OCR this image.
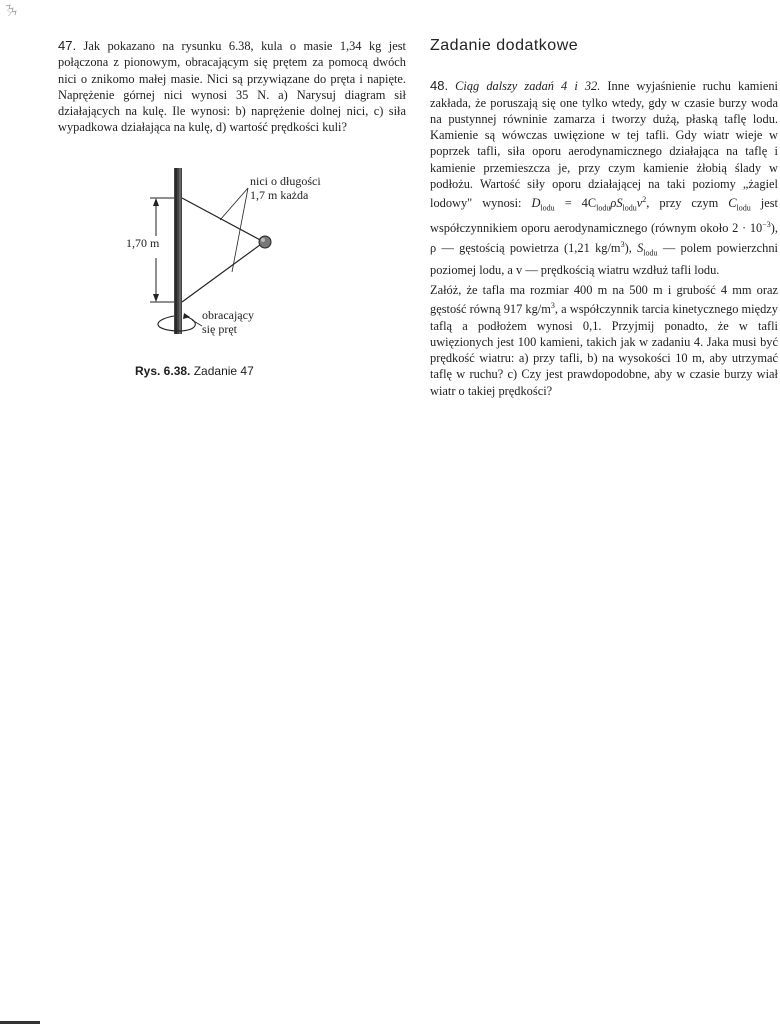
47. Jak pokazano na rysunku 6.38, kula o masie 1,34 kg jest połączona z pionowym, obracającym się prętem za pomocą dwóch nici o znikomo małej masie. Nici są przywiązane do pręta i napięte. Naprężenie górnej nici wynosi 35 N. a) Narysuj diagram sił działających na kulę. Ile wynosi: b) naprężenie dolnej nici, c) siła wypadkowa działająca na kulę, d) wartość prędkości kuli?

nici o długości
1,7 m każda
1,70 m
obracający
się pręt
Rys. 6.38. Zadanie 47
Zadanie dodatkowe

48. Ciąg dalszy zadań 4 i 32. Inne wyjaśnienie ruchu kamieni zakłada, że poruszają się one tylko wtedy, gdy w czasie burzy woda na pustynnej równinie zamarza i tworzy dużą, płaską taflę lodu. Kamienie są wówczas uwięzione w tej tafli. Gdy wiatr wieje w poprzek tafli, siła oporu aerodynamicznego działająca na taflę i kamienie przemieszcza je, przy czym kamienie żłobią ślady w podłożu. Wartość siły oporu działającej na taki poziomy „żagiel lodowy" wynosi: $D_{lodu} = 4C_{lodu}\rho S_{lodu}v^2$, przy czym $C_{lodu}$ jest współczynnikiem oporu aerodynamicznego (równym około $2 \cdot 10^{-3}$), ρ — gęstością powietrza (1,21 $kg/m^3$), $S_{lodu}$ — polem powierzchni poziomej lodu, a v — prędkością wiatru wzdłuż tafli lodu.

Załóż, że tafla ma rozmiar 400 m na 500 m i grubość 4 mm oraz gęstość równą 917 $kg/m^3$, a współczynnik tarcia kinetycznego między taflą a podłożem wynosi 0,1. Przyjmij ponadto, że w tafli uwięzionych jest 100 kamieni, takich jak w zadaniu 4. Jaka musi być prędkość wiatru: a) przy tafli, b) na wysokości 10 m, aby utrzymać taflę w ruchu? c) Czy jest prawdopodobne, aby w czasie burzy wiał wiatr o takiej prędkości?
